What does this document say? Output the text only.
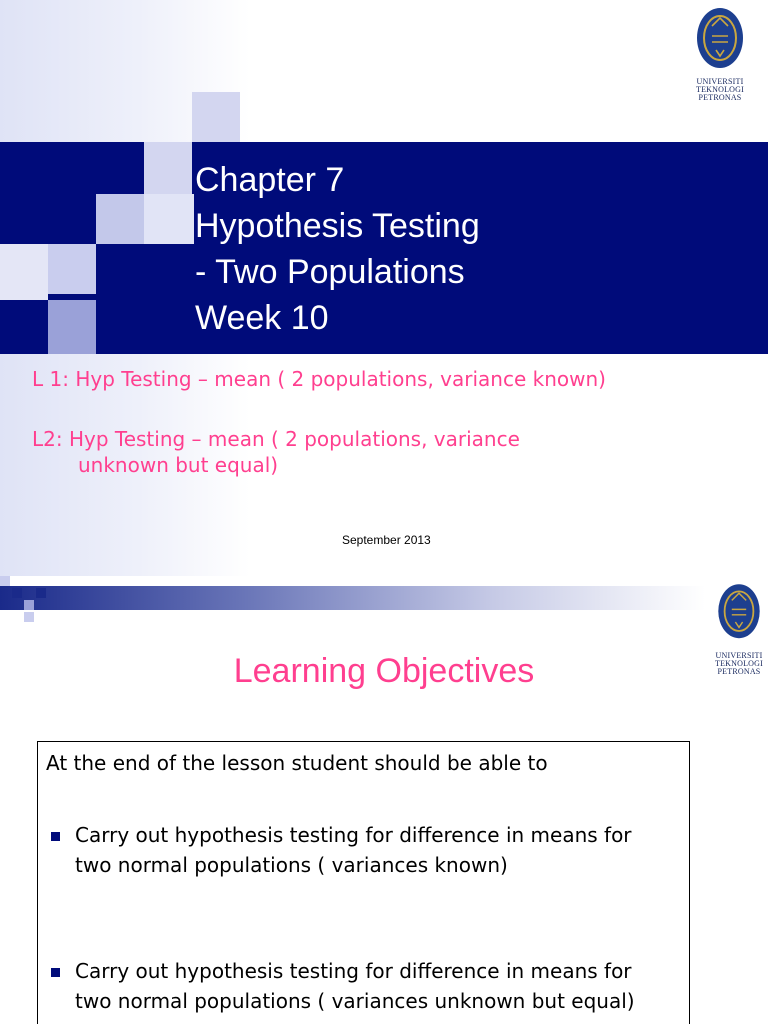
Chapter 7
Hypothesis Testing
- Two Populations
Week 10
UNIVERSITI
TEKNOLOGI
PETRONAS
L 1: Hyp Testing – mean ( 2 populations, variance known)
L2: Hyp Testing – mean ( 2 populations, variance
unknown but equal)
September 2013
UNIVERSITI
TEKNOLOGI
PETRONAS
Learning Objectives
At the end of the lesson student should be able to
Carry out hypothesis testing for difference in means for two normal populations ( variances known)
Carry out hypothesis testing for difference in means for two normal populations ( variances unknown but equal)
